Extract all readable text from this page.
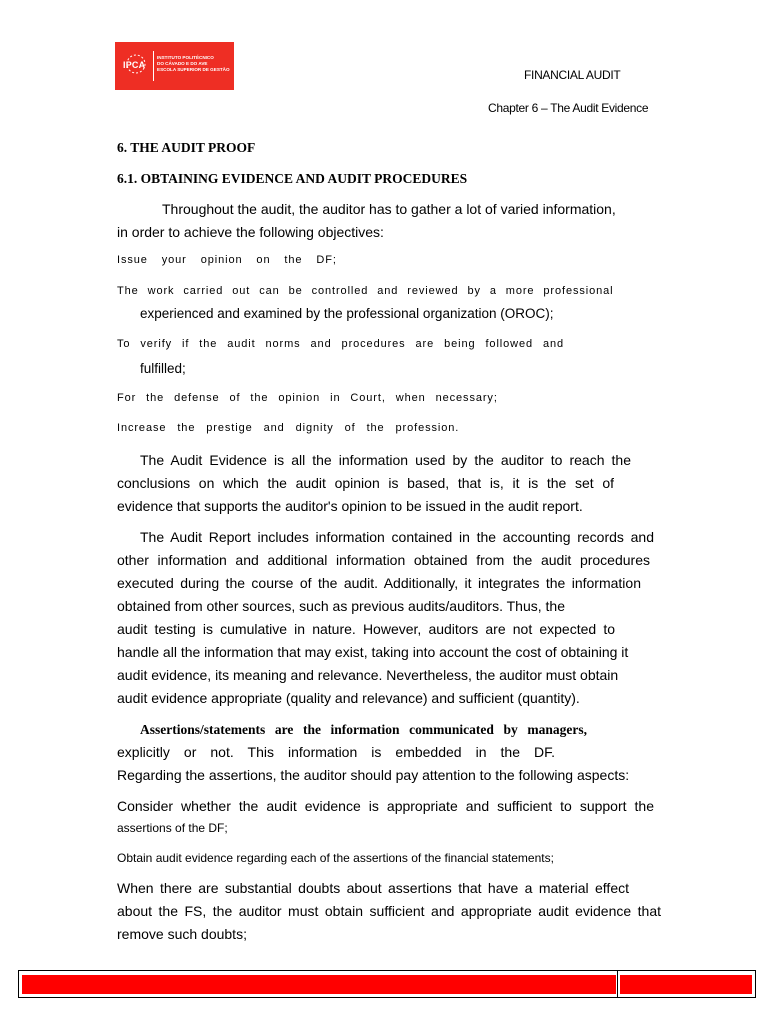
IPCA
INSTITUTO POLITÉCNICO
DO CÁVADO E DO AVE
ESCOLA SUPERIOR DE GESTÃO	FINANCIAL AUDIT
Chapter 6 – The Audit Evidence
6. THE AUDIT PROOF
6.1. OBTAINING EVIDENCE AND AUDIT PROCEDURES
Throughout the audit, the auditor has to gather a lot of varied information,
in order to achieve the following objectives:
Issue your opinion on the DF;
The work carried out can be controlled and reviewed by a more professional
experienced and examined by the professional organization (OROC);
To verify if the audit norms and procedures are being followed and
fulfilled;
For the defense of the opinion in Court, when necessary;
Increase the prestige and dignity of the profession.
The Audit Evidence is all the information used by the auditor to reach the
conclusions on which the audit opinion is based, that is, it is the set of
evidence that supports the auditor's opinion to be issued in the audit report.
The Audit Report includes information contained in the accounting records and
other information and additional information obtained from the audit procedures
executed during the course of the audit. Additionally, it integrates the information
obtained from other sources, such as previous audits/auditors. Thus, the
audit testing is cumulative in nature. However, auditors are not expected to
handle all the information that may exist, taking into account the cost of obtaining it
audit evidence, its meaning and relevance. Nevertheless, the auditor must obtain
audit evidence appropriate (quality and relevance) and sufficient (quantity).
Assertions/statements are the information communicated by managers,
explicitly or not. This information is embedded in the DF.
Regarding the assertions, the auditor should pay attention to the following aspects:
Consider whether the audit evidence is appropriate and sufficient to support the
assertions of the DF;
Obtain audit evidence regarding each of the assertions of the financial statements;
When there are substantial doubts about assertions that have a material effect
about the FS, the auditor must obtain sufficient and appropriate audit evidence that
remove such doubts;
